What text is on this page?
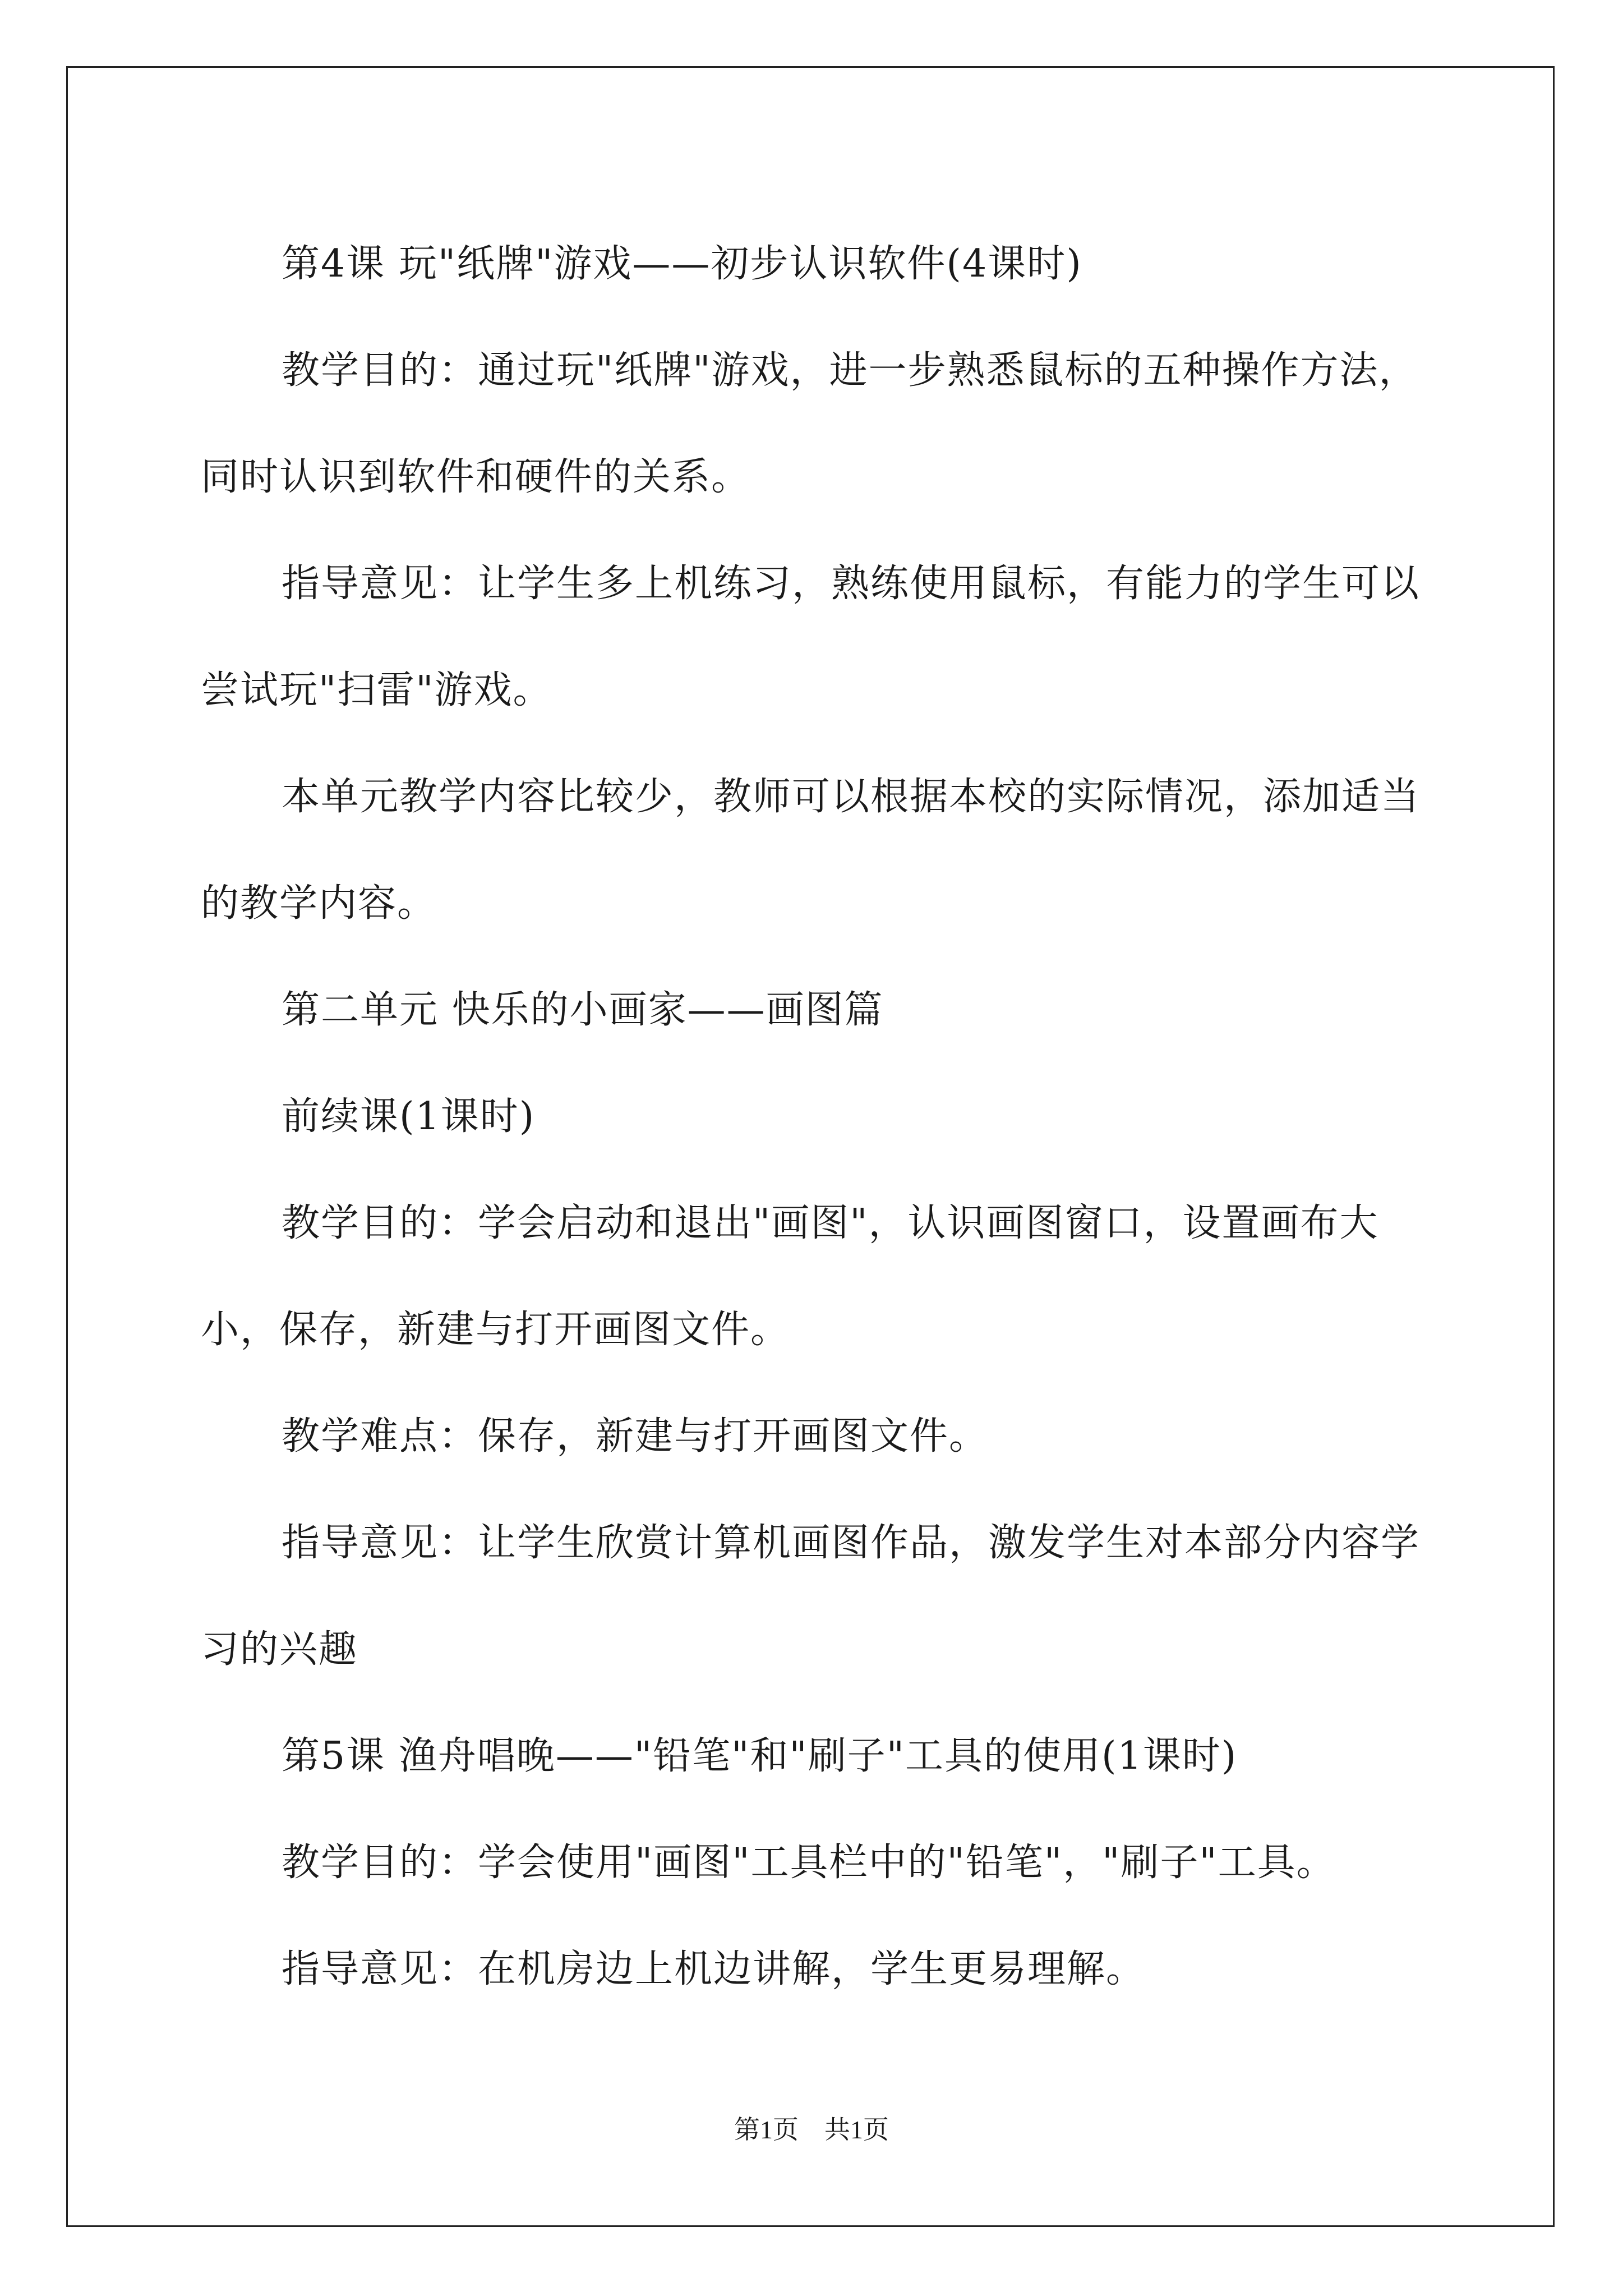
第4课 玩"纸牌"游戏——初步认识软件(4课时)

教学目的：通过玩"纸牌"游戏，进一步熟悉鼠标的五种操作方法，同时认识到软件和硬件的关系。

指导意见：让学生多上机练习，熟练使用鼠标，有能力的学生可以尝试玩"扫雷"游戏。

本单元教学内容比较少，教师可以根据本校的实际情况，添加适当的教学内容。

第二单元 快乐的小画家——画图篇

前续课(1课时)

教学目的：学会启动和退出"画图"，认识画图窗口，设置画布大小，保存，新建与打开画图文件。

教学难点：保存，新建与打开画图文件。

指导意见：让学生欣赏计算机画图作品，激发学生对本部分内容学习的兴趣

第5课 渔舟唱晚——"铅笔"和"刷子"工具的使用(1课时)

教学目的：学会使用"画图"工具栏中的"铅笔"，"刷子"工具。

指导意见：在机房边上机边讲解，学生更易理解。

第1页　共1页
